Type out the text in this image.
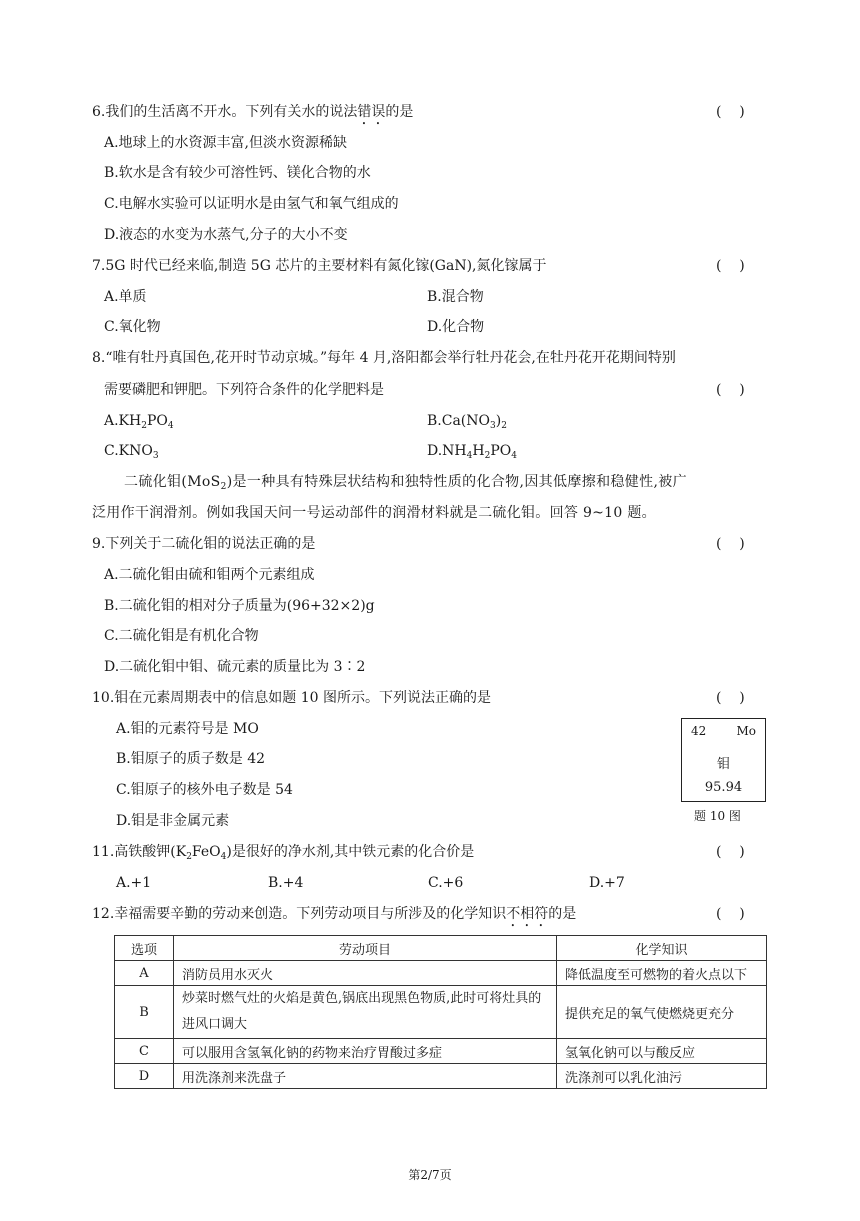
6.我们的生活离不开水。下列有关水的说法错误的是	(    )
A.地球上的水资源丰富,但淡水资源稀缺
B.软水是含有较少可溶性钙、镁化合物的水
C.电解水实验可以证明水是由氢气和氧气组成的
D.液态的水变为水蒸气,分子的大小不变
7.5G 时代已经来临,制造 5G 芯片的主要材料有氮化镓(GaN),氮化镓属于	(    )
A.单质	B.混合物
C.氧化物	D.化合物
8.“唯有牡丹真国色,花开时节动京城。”每年 4 月,洛阳都会举行牡丹花会,在牡丹花开花期间特别
需要磷肥和钾肥。下列符合条件的化学肥料是	(    )
$A.KH_2PO_4$	$B.Ca(NO_3)_2$
$C.KNO_3$	$D.NH_4H_2PO_4$
二硫化钼(MoS$_2$)是一种具有特殊层状结构和独特性质的化合物,因其低摩擦和稳健性,被广
泛用作干润滑剂。例如我国天问一号运动部件的润滑材料就是二硫化钼。回答 9~10 题。
9.下列关于二硫化钼的说法正确的是	(    )
A.二硫化钼由硫和钼两个元素组成
B.二硫化钼的相对分子质量为(96+32×2)g
C.二硫化钼是有机化合物
D.二硫化钼中钼、硫元素的质量比为 3∶2
10.钼在元素周期表中的信息如题 10 图所示。下列说法正确的是	(    )
A.钼的元素符号是 MO
B.钼原子的质子数是 42
C.钼原子的核外电子数是 54
D.钼是非金属元素
42	Mo
钼
95.94
题 10 图
11.高铁酸钾$(K_2FeO_4)$是很好的净水剂,其中铁元素的化合价是	(    )
A.+1	B.+4	C.+6	D.+7
12.幸福需要辛勤的劳动来创造。下列劳动项目与所涉及的化学知识不相符的是	(    )
选项	劳动项目	化学知识
A	消防员用水灭火	降低温度至可燃物的着火点以下
B	炒菜时燃气灶的火焰是黄色,锅底出现黑色物质,此时可将灶具的进风口调大	提供充足的氧气使燃烧更充分
C	可以服用含氢氧化钠的药物来治疗胃酸过多症	氢氧化钠可以与酸反应
D	用洗涤剂来洗盘子	洗涤剂可以乳化油污
第2/7页
